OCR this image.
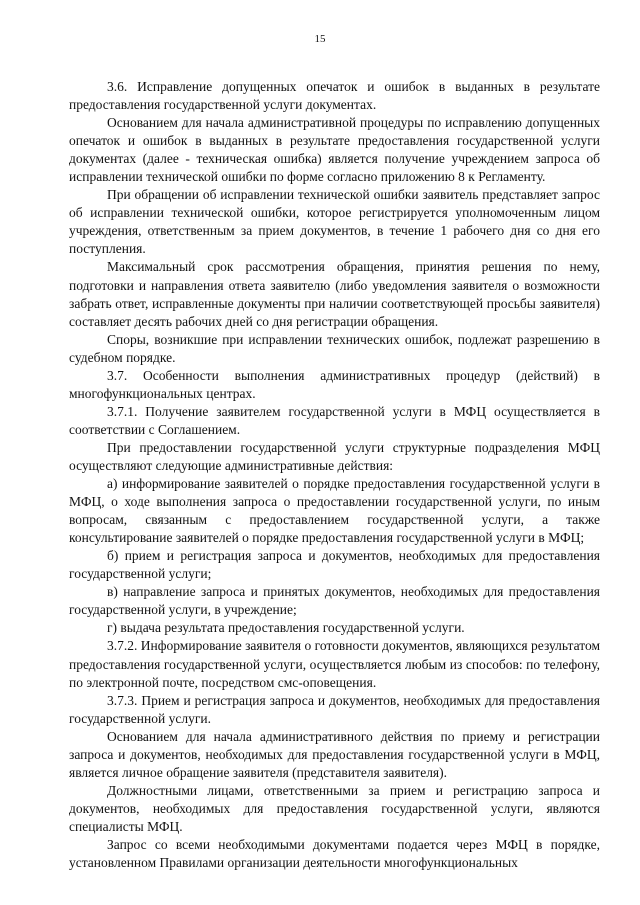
15

3.6. Исправление допущенных опечаток и ошибок в выданных в результате предоставления государственной услуги документах.

Основанием для начала административной процедуры по исправлению допущенных опечаток и ошибок в выданных в результате предоставления государственной услуги документах (далее - техническая ошибка) является получение учреждением запроса об исправлении технической ошибки по форме согласно приложению 8 к Регламенту.

При обращении об исправлении технической ошибки заявитель представляет запрос об исправлении технической ошибки, которое регистрируется уполномоченным лицом учреждения, ответственным за прием документов, в течение 1 рабочего дня со дня его поступления.

Максимальный срок рассмотрения обращения, принятия решения по нему, подготовки и направления ответа заявителю (либо уведомления заявителя о возможности забрать ответ, исправленные документы при наличии соответствующей просьбы заявителя) составляет десять рабочих дней со дня регистрации обращения.

Споры, возникшие при исправлении технических ошибок, подлежат разрешению в судебном порядке.

3.7. Особенности выполнения административных процедур (действий) в многофункциональных центрах.

3.7.1. Получение заявителем государственной услуги в МФЦ осуществляется в соответствии с Соглашением.

При предоставлении государственной услуги структурные подразделения МФЦ осуществляют следующие административные действия:

а) информирование заявителей о порядке предоставления государственной услуги в МФЦ, о ходе выполнения запроса о предоставлении государственной услуги, по иным вопросам, связанным с предоставлением государственной услуги, а также консультирование заявителей о порядке предоставления государственной услуги в МФЦ;

б) прием и регистрация запроса и документов, необходимых для предоставления государственной услуги;

в) направление запроса и принятых документов, необходимых для предоставления государственной услуги, в учреждение;

г) выдача результата предоставления государственной услуги.

3.7.2. Информирование заявителя о готовности документов, являющихся результатом предоставления государственной услуги, осуществляется любым из способов: по телефону, по электронной почте, посредством смс-оповещения.

3.7.3. Прием и регистрация запроса и документов, необходимых для предоставления государственной услуги.

Основанием для начала административного действия по приему и регистрации запроса и документов, необходимых для предоставления государственной услуги в МФЦ, является личное обращение заявителя (представителя заявителя).

Должностными лицами, ответственными за прием и регистрацию запроса и документов, необходимых для предоставления государственной услуги, являются специалисты МФЦ.

Запрос со всеми необходимыми документами подается через МФЦ в порядке, установленном Правилами организации деятельности многофункциональных
